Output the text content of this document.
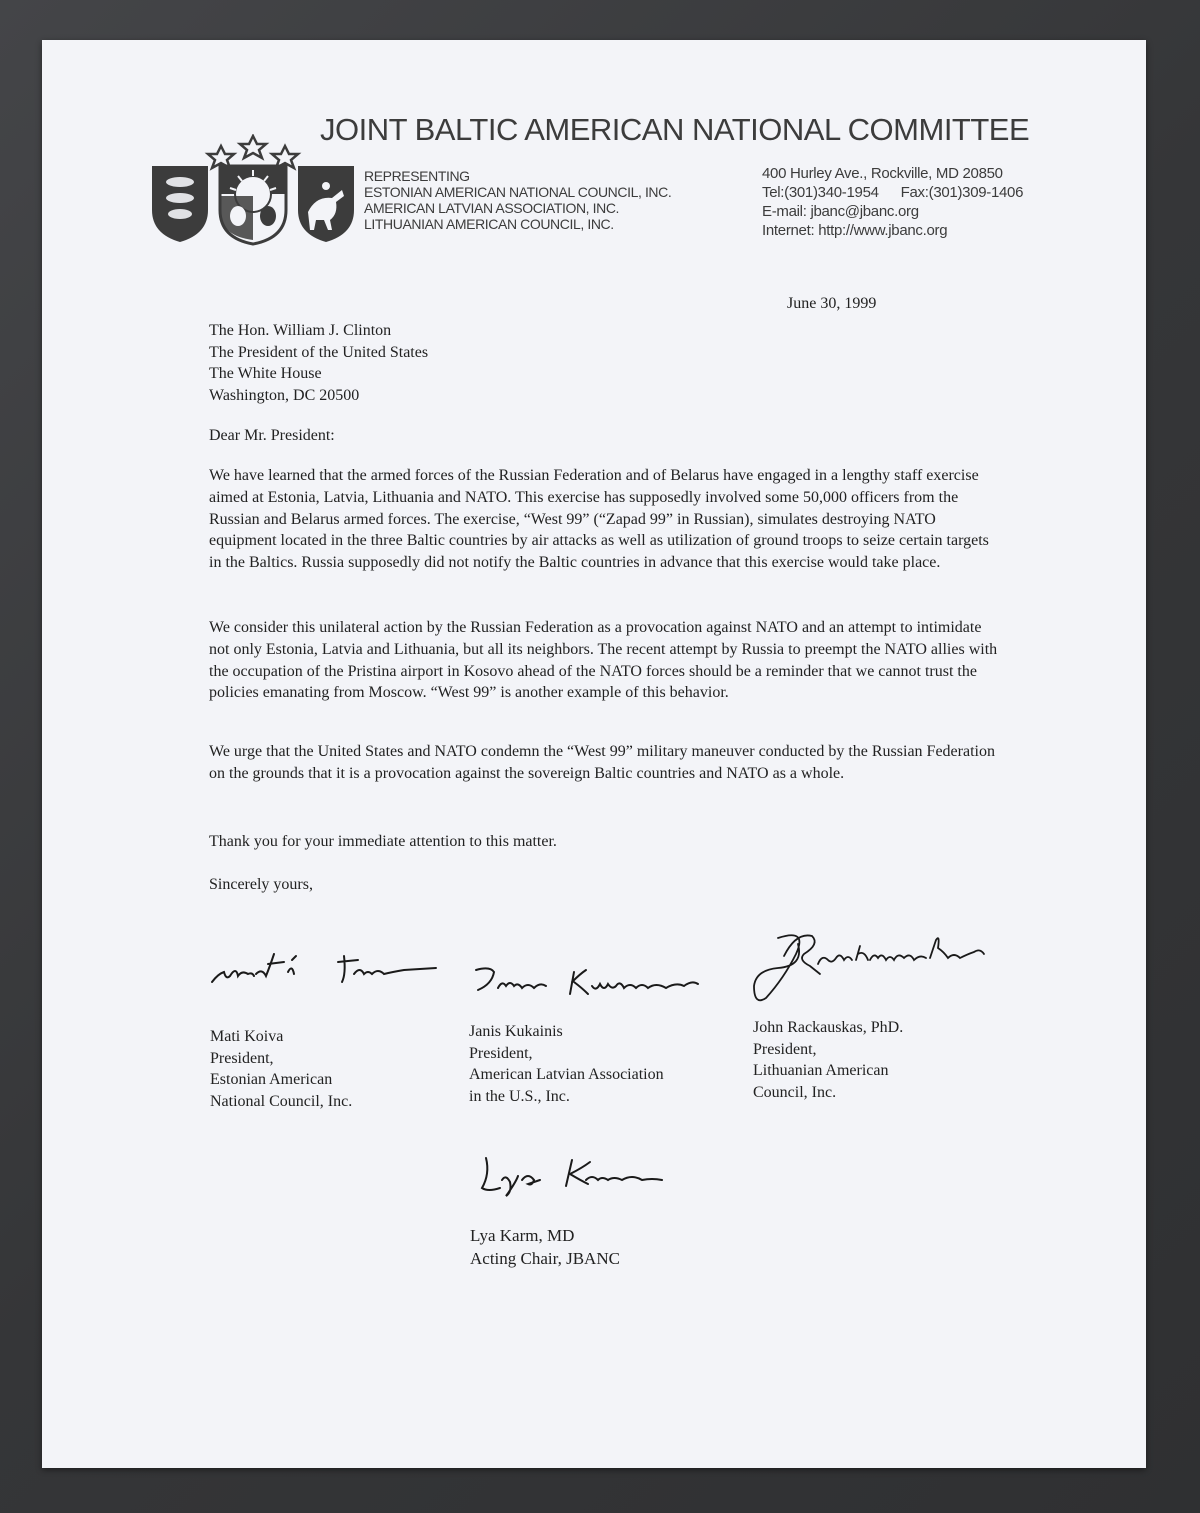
JOINT BALTIC AMERICAN NATIONAL COMMITTEE
REPRESENTING
ESTONIAN AMERICAN NATIONAL COUNCIL, INC.
AMERICAN LATVIAN ASSOCIATION, INC.
LITHUANIAN AMERICAN COUNCIL, INC.
400 Hurley Ave., Rockville, MD 20850
Tel:(301)340-1954 Fax:(301)309-1406
E-mail: jbanc@jbanc.org
Internet: http://www.jbanc.org
June 30, 1999
The Hon. William J. Clinton
The President of the United States
The White House
Washington, DC 20500
Dear Mr. President:
We have learned that the armed forces of the Russian Federation and of Belarus have engaged in a lengthy staff exercise aimed at Estonia, Latvia, Lithuania and NATO. This exercise has supposedly involved some 50,000 officers from the Russian and Belarus armed forces. The exercise, “West 99” (“Zapad 99” in Russian), simulates destroying NATO equipment located in the three Baltic countries by air attacks as well as utilization of ground troops to seize certain targets in the Baltics. Russia supposedly did not notify the Baltic countries in advance that this exercise would take place.
We consider this unilateral action by the Russian Federation as a provocation against NATO and an attempt to intimidate not only Estonia, Latvia and Lithuania, but all its neighbors. The recent attempt by Russia to preempt the NATO allies with the occupation of the Pristina airport in Kosovo ahead of the NATO forces should be a reminder that we cannot trust the policies emanating from Moscow. “West 99” is another example of this behavior.
We urge that the United States and NATO condemn the “West 99” military maneuver conducted by the Russian Federation on the grounds that it is a provocation against the sovereign Baltic countries and NATO as a whole.
Thank you for your immediate attention to this matter.
Sincerely yours,
Mati Koiva
President,
Estonian American
National Council, Inc.
Janis Kukainis
President,
American Latvian Association
in the U.S., Inc.
John Rackauskas, PhD.
President,
Lithuanian American
Council, Inc.
Lya Karm, MD
Acting Chair, JBANC
